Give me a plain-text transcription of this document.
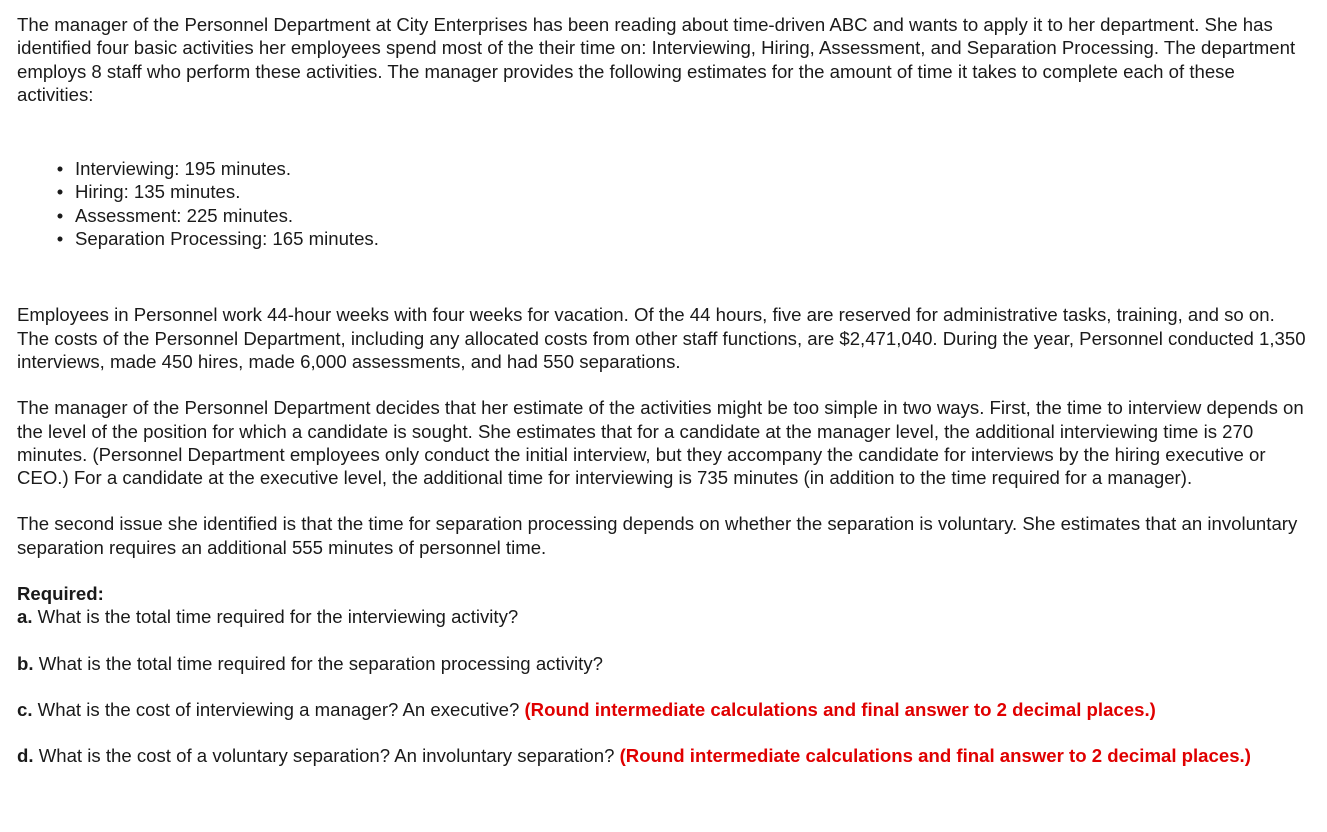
The manager of the Personnel Department at City Enterprises has been reading about time-driven ABC and wants to apply it to her department. She has identified four basic activities her employees spend most of the their time on: Interviewing, Hiring, Assessment, and Separation Processing. The department employs 8 staff who perform these activities. The manager provides the following estimates for the amount of time it takes to complete each of these activities:

• Interviewing: 195 minutes.
• Hiring: 135 minutes.
• Assessment: 225 minutes.
• Separation Processing: 165 minutes.

Employees in Personnel work 44-hour weeks with four weeks for vacation. Of the 44 hours, five are reserved for administrative tasks, training, and so on. The costs of the Personnel Department, including any allocated costs from other staff functions, are $2,471,040. During the year, Personnel conducted 1,350 interviews, made 450 hires, made 6,000 assessments, and had 550 separations.

The manager of the Personnel Department decides that her estimate of the activities might be too simple in two ways. First, the time to interview depends on the level of the position for which a candidate is sought. She estimates that for a candidate at the manager level, the additional interviewing time is 270 minutes. (Personnel Department employees only conduct the initial interview, but they accompany the candidate for interviews by the hiring executive or CEO.) For a candidate at the executive level, the additional time for interviewing is 735 minutes (in addition to the time required for a manager).

The second issue she identified is that the time for separation processing depends on whether the separation is voluntary. She estimates that an involuntary separation requires an additional 555 minutes of personnel time.

Required:

a. What is the total time required for the interviewing activity?

b. What is the total time required for the separation processing activity?

c. What is the cost of interviewing a manager? An executive? (Round intermediate calculations and final answer to 2 decimal places.)

d. What is the cost of a voluntary separation? An involuntary separation? (Round intermediate calculations and final answer to 2 decimal places.)
